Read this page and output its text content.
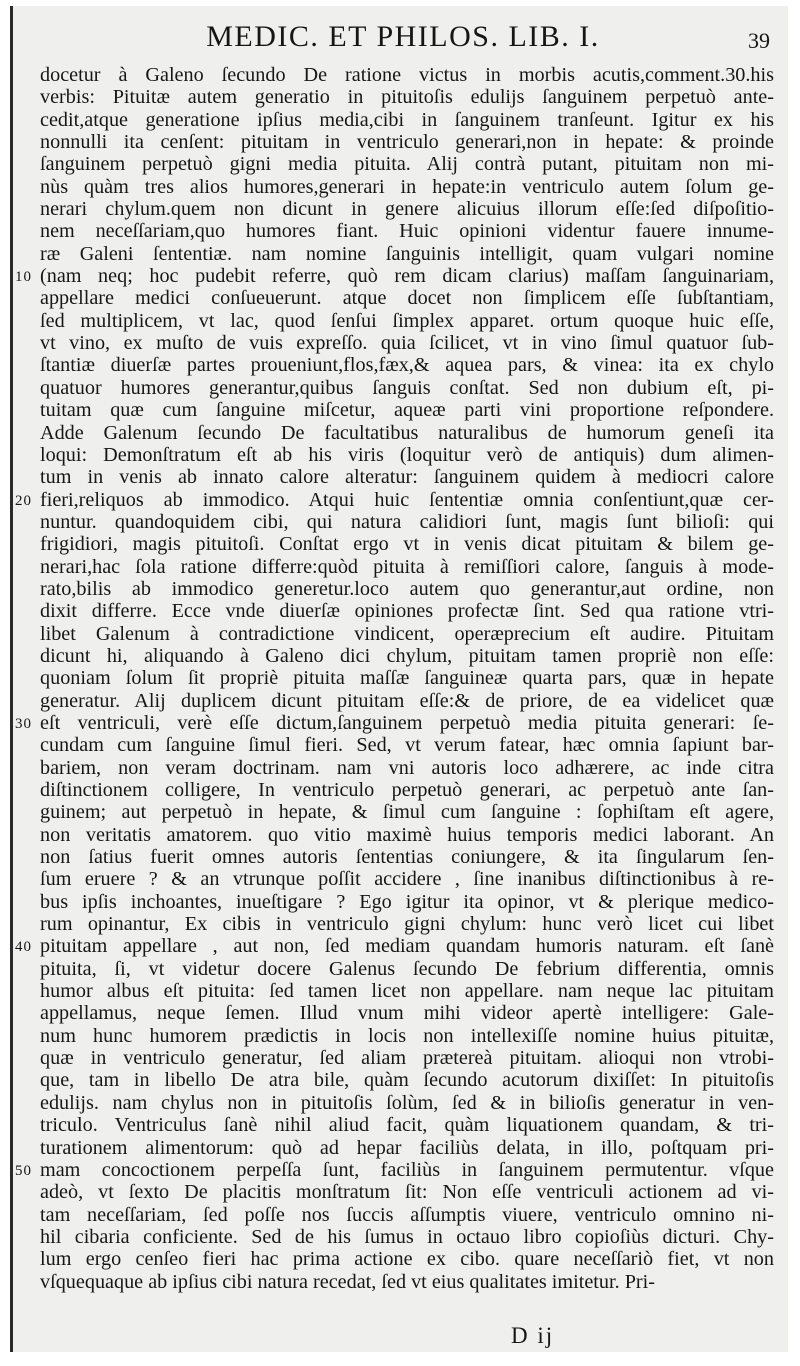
MEDIC. ET PHILOS. LIB. I.	39
docetur à Galeno ſecundo De ratione victus in morbis acutis,comment.30.his
verbis: Pituitæ autem generatio in pituitoſis edulijs ſanguinem perpetuò ante-
cedit,atque generatione ipſius media,cibi in ſanguinem tranſeunt. Igitur ex his
nonnulli ita cenſent: pituitam in ventriculo generari,non in hepate: & proinde
ſanguinem perpetuò gigni media pituita. Alij contrà putant, pituitam non mi-
nùs quàm tres alios humores,generari in hepate:in ventriculo autem ſolum ge-
nerari chylum.quem non dicunt in genere alicuius illorum eſſe:ſed diſpoſitio-
nem neceſſariam,quo humores fiant. Huic opinioni videntur fauere innume-
ræ Galeni ſententiæ. nam nomine ſanguinis intelligit, quam vulgari nomine
10 (nam neq; hoc pudebit referre, quò rem dicam clarius) maſſam ſanguinariam,
appellare medici conſueuerunt. atque docet non ſimplicem eſſe ſubſtantiam,
ſed multiplicem, vt lac, quod ſenſui ſimplex apparet. ortum quoque huic eſſe,
vt vino, ex muſto de vuis expreſſo. quia ſcilicet, vt in vino ſimul quatuor ſub-
ſtantiæ diuerſæ partes proueniunt,flos,fæx,& aquea pars, & vinea: ita ex chylo
quatuor humores generantur,quibus ſanguis conſtat. Sed non dubium eſt, pi-
tuitam quæ cum ſanguine miſcetur, aqueæ parti vini proportione reſpondere.
Adde Galenum ſecundo De facultatibus naturalibus de humorum geneſi ita
loqui: Demonſtratum eſt ab his viris (loquitur verò de antiquis) dum alimen-
tum in venis ab innato calore alteratur: ſanguinem quidem à mediocri calore
20 fieri,reliquos ab immodico. Atqui huic ſententiæ omnia conſentiunt,quæ cer-
nuntur. quandoquidem cibi, qui natura calidiori ſunt, magis ſunt bilioſi: qui
frigidiori, magis pituitoſi. Conſtat ergo vt in venis dicat pituitam & bilem ge-
nerari,hac ſola ratione differre:quòd pituita à remiſſiori calore, ſanguis à mode-
rato,bilis ab immodico generetur.loco autem quo generantur,aut ordine, non
dixit differre. Ecce vnde diuerſæ opiniones profectæ ſint. Sed qua ratione vtri-
libet Galenum à contradictione vindicent, operæprecium eſt audire. Pituitam
dicunt hi, aliquando à Galeno dici chylum, pituitam tamen propriè non eſſe:
quoniam ſolum ſit propriè pituita maſſæ ſanguineæ quarta pars, quæ in hepate
generatur. Alij duplicem dicunt pituitam eſſe:& de priore, de ea videlicet quæ
30 eſt ventriculi, verè eſſe dictum,ſanguinem perpetuò media pituita generari: ſe-
cundam cum ſanguine ſimul fieri. Sed, vt verum fatear, hæc omnia ſapiunt bar-
bariem, non veram doctrinam. nam vni autoris loco adhærere, ac inde citra
diſtinctionem colligere, In ventriculo perpetuò generari, ac perpetuò ante ſan-
guinem; aut perpetuò in hepate, & ſimul cum ſanguine : ſophiſtam eſt agere,
non veritatis amatorem. quo vitio maximè huius temporis medici laborant. An
non ſatius fuerit omnes autoris ſententias coniungere, & ita ſingularum ſen-
ſum eruere ? & an vtrunque poſſit accidere , ſine inanibus diſtinctionibus à re-
bus ipſis inchoantes, inueſtigare ? Ego igitur ita opinor, vt & plerique medico-
rum opinantur, Ex cibis in ventriculo gigni chylum: hunc verò licet cui libet
40 pituitam appellare , aut non, ſed mediam quandam humoris naturam. eſt ſanè
pituita, ſi, vt videtur docere Galenus ſecundo De febrium differentia, omnis
humor albus eſt pituita: ſed tamen licet non appellare. nam neque lac pituitam
appellamus, neque ſemen. Illud vnum mihi videor apertè intelligere: Gale-
num hunc humorem prædictis in locis non intellexiſſe nomine huius pituitæ,
quæ in ventriculo generatur, ſed aliam prætereà pituitam. alioqui non vtrobi-
que, tam in libello De atra bile, quàm ſecundo acutorum dixiſſet: In pituitoſis
edulijs. nam chylus non in pituitoſis ſolùm, ſed & in bilioſis generatur in ven-
triculo. Ventriculus ſanè nihil aliud facit, quàm liquationem quandam, & tri-
turationem alimentorum: quò ad hepar faciliùs delata, in illo, poſtquam pri-
50 mam concoctionem perpeſſa ſunt, faciliùs in ſanguinem permutentur. vſque
adeò, vt ſexto De placitis monſtratum ſit: Non eſſe ventriculi actionem ad vi-
tam neceſſariam, ſed poſſe nos ſuccis aſſumptis viuere, ventriculo omnino ni-
hil cibaria conficiente. Sed de his ſumus in octauo libro copioſiùs dicturi. Chy-
lum ergo cenſeo fieri hac prima actione ex cibo. quare neceſſariò fiet, vt non
vſquequaque ab ipſius cibi natura recedat, ſed vt eius qualitates imitetur. Pri-
D ij
